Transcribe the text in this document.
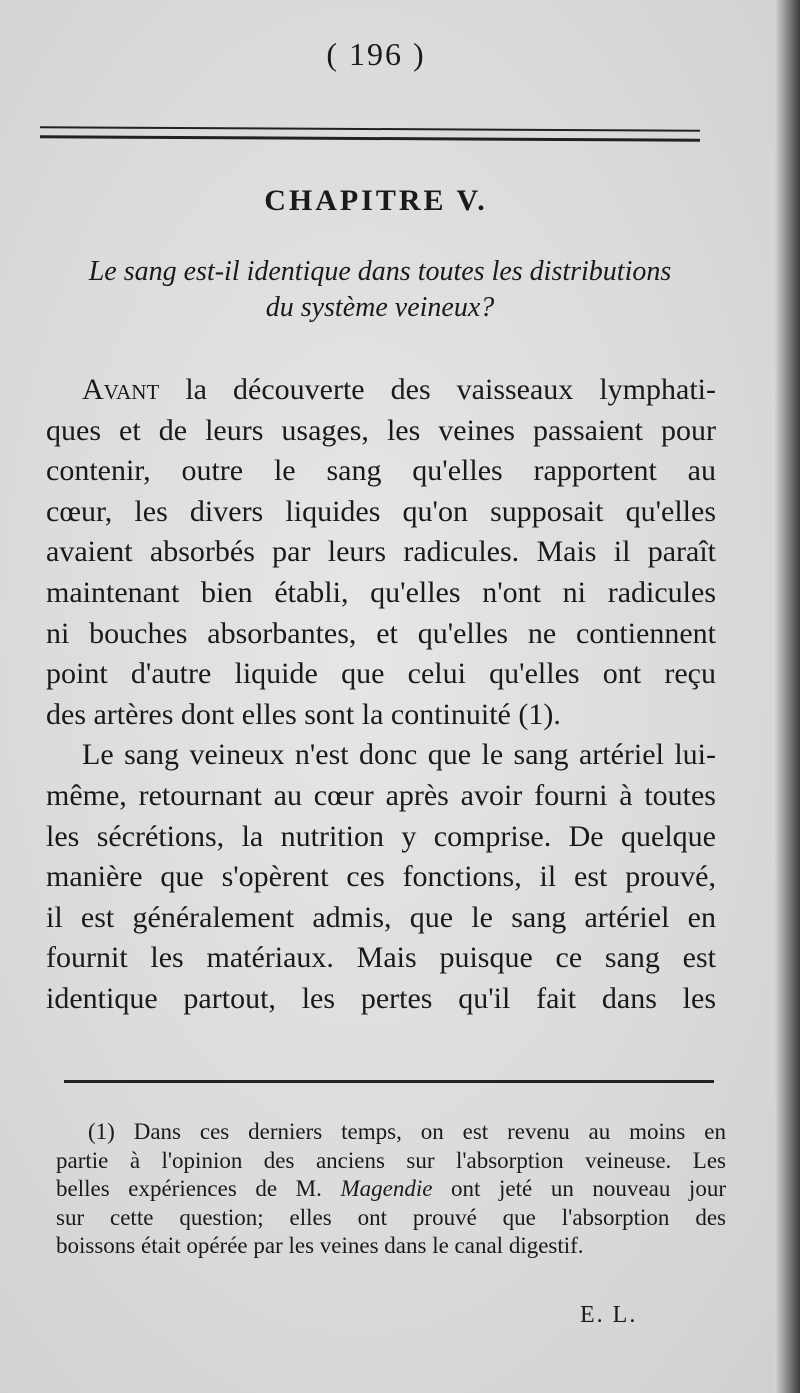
( 196 )
CHAPITRE V.
Le sang est-il identique dans toutes les distributions
du système veineux?
Avant la découverte des vaisseaux lymphati-
ques et de leurs usages, les veines passaient pour
contenir, outre le sang qu'elles rapportent au
cœur, les divers liquides qu'on supposait qu'elles
avaient absorbés par leurs radicules. Mais il paraît
maintenant bien établi, qu'elles n'ont ni radicules
ni bouches absorbantes, et qu'elles ne contiennent
point d'autre liquide que celui qu'elles ont reçu
des artères dont elles sont la continuité (1).
Le sang veineux n'est donc que le sang artériel lui-
même, retournant au cœur après avoir fourni à toutes
les sécrétions, la nutrition y comprise. De quelque
manière que s'opèrent ces fonctions, il est prouvé,
il est généralement admis, que le sang artériel en
fournit les matériaux. Mais puisque ce sang est
identique partout, les pertes qu'il fait dans les
(1) Dans ces derniers temps, on est revenu au moins en
partie à l'opinion des anciens sur l'absorption veineuse. Les
belles expériences de M. Magendie ont jeté un nouveau jour
sur cette question; elles ont prouvé que l'absorption des
boissons était opérée par les veines dans le canal digestif.
E. L.
